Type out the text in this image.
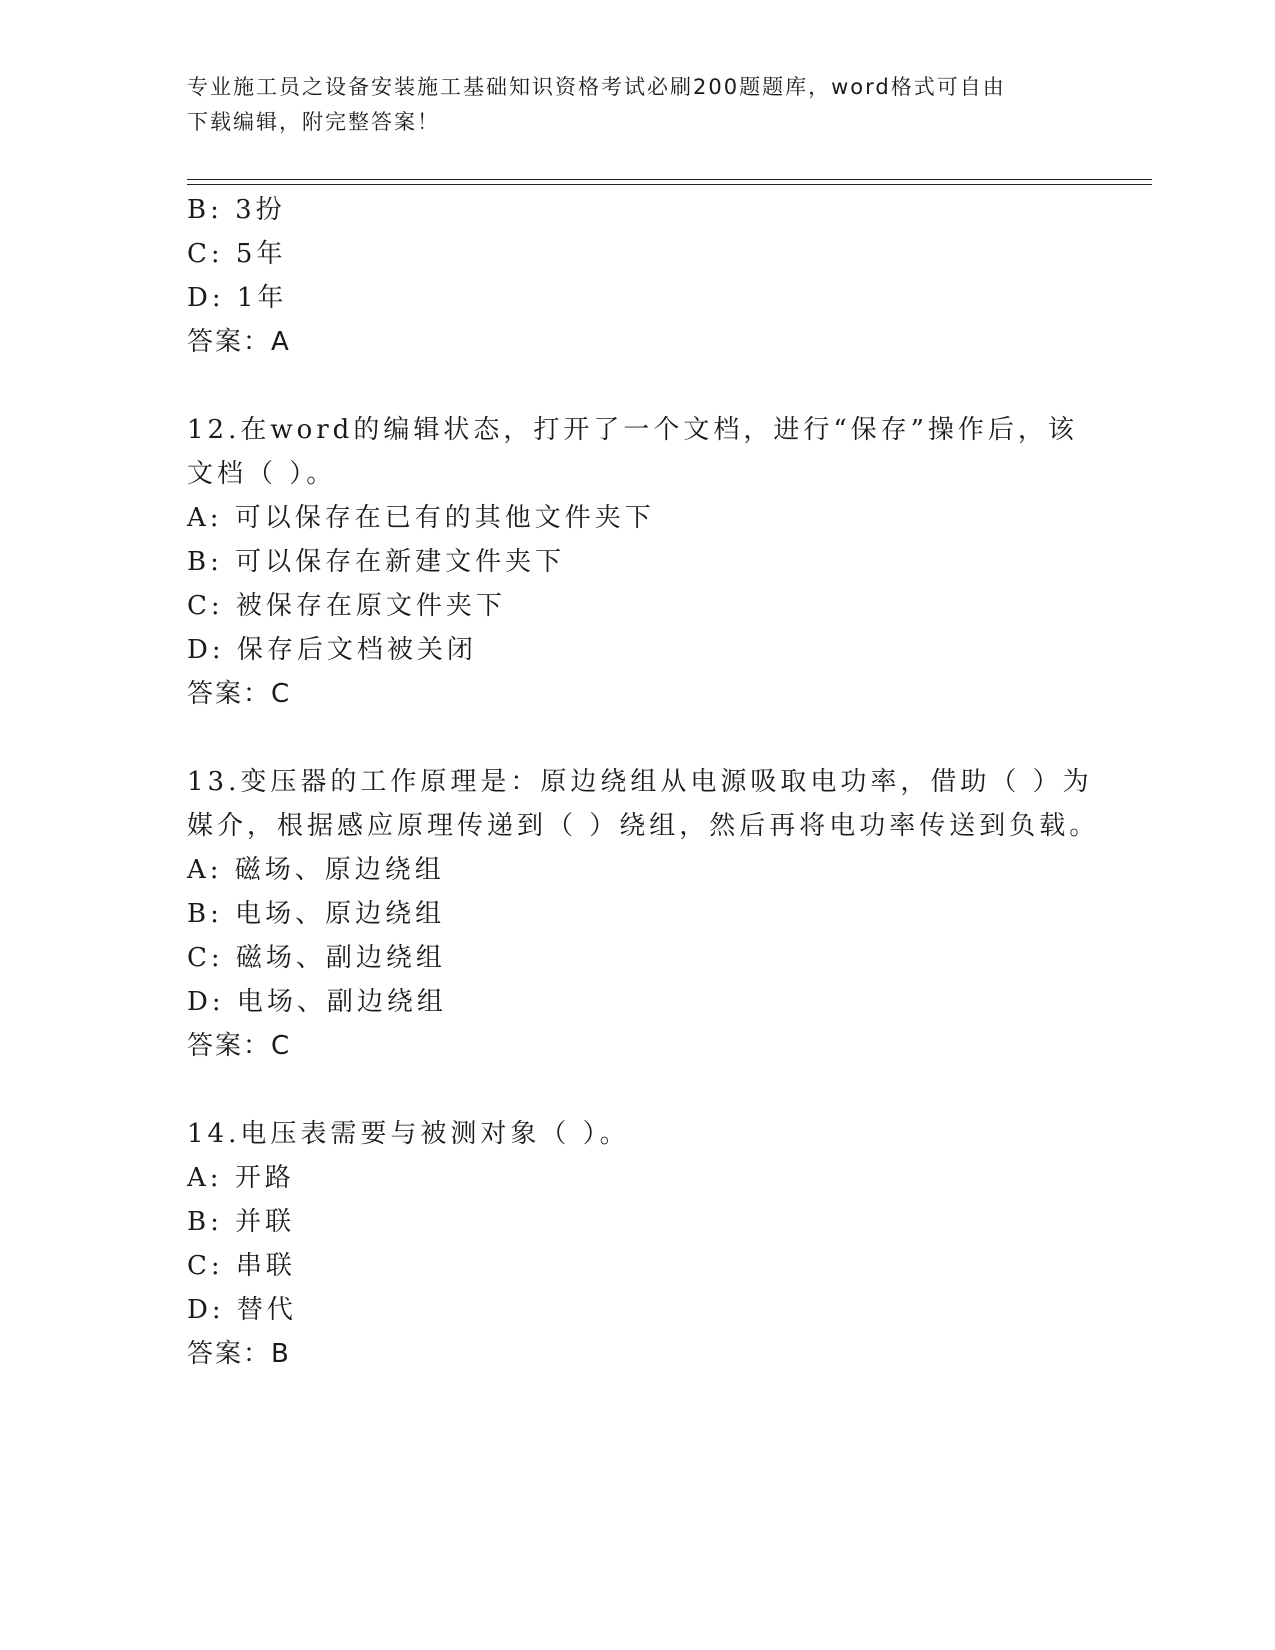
专业施工员之设备安装施工基础知识资格考试必刷200题题库，word格式可自由
下载编辑，附完整答案！
B: 3扮
C: 5年
D: 1年
答案：A
12.在word的编辑状态，打开了一个文档，进行“保存”操作后，该
文档（ ）。
A: 可以保存在已有的其他文件夹下
B: 可以保存在新建文件夹下
C: 被保存在原文件夹下
D: 保存后文档被关闭
答案：C
13.变压器的工作原理是：原边绕组从电源吸取电功率，借助（ ）为
媒介，根据感应原理传递到（ ）绕组，然后再将电功率传送到负载。
A: 磁场、原边绕组
B: 电场、原边绕组
C: 磁场、副边绕组
D: 电场、副边绕组
答案：C
14.电压表需要与被测对象（ ）。
A: 开路
B: 并联
C: 串联
D: 替代
答案：B
